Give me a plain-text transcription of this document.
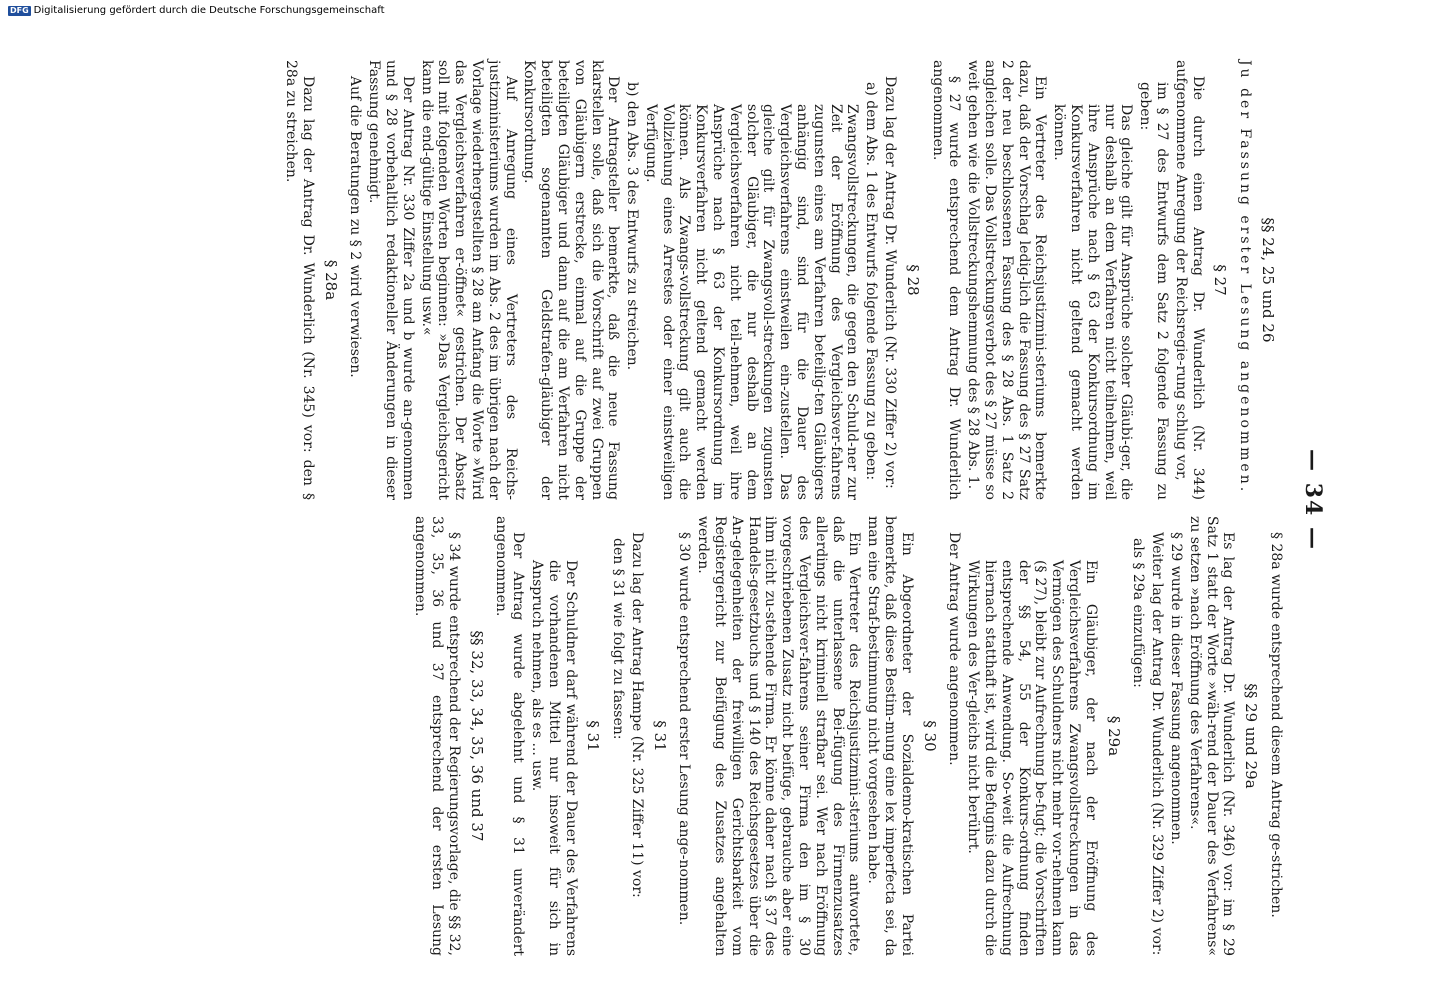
— 34 —
§§ 24, 25 und 26

Ju der Fassung erster Lesung angenommen.

§ 27

Die durch einen Antrag Dr. Wunderlich (Nr. 344) aufgenommene Anregung der Reichsregie-rung schlug vor,

im § 27 des Entwurfs dem Satz 2 folgende Fassung zu geben:

Das gleiche gilt für Ansprüche solcher Gläubi-ger, die nur deshalb an dem Verfahren nicht teilnehmen, weil ihre Ansprüche nach § 63 der Konkursordnung im Konkursverfahren nicht geltend gemacht werden können.

Ein Vertreter des Reichsjustizmini-steriums bemerkte dazu, daß der Vorschlag ledig-lich die Fassung des § 27 Satz 2 der neu beschlossenen Fassung des § 28 Abs. 1 Satz 2 angleichen solle. Das Vollstreckungsverbot des § 27 müsse so weit gehen wie die Vollstreckungshemmung des § 28 Abs. 1.

§ 27 wurde entsprechend dem Antrag Dr. Wunderlich angenommen.

§ 28

Dazu lag der Antrag Dr. Wunderlich (Nr. 330 Ziffer 2) vor:

a) dem Abs. 1 des Entwurfs folgende Fassung zu geben:

Zwangsvollstreckungen, die gegen den Schuld-ner zur Zeit der Eröffnung des Vergleichsver-fahrens zugunsten eines am Verfahren beteilig-ten Gläubigers anhängig sind, sind für die Dauer des Vergleichsverfahrens einstweilen ein-zustellen. Das gleiche gilt für Zwangsvoll-streckungen zugunsten solcher Gläubiger, die nur deshalb an dem Vergleichsverfahren nicht teil-nehmen, weil ihre Ansprüche nach § 63 der Konkursordnung im Konkursverfahren nicht geltend gemacht werden können. Als Zwangs-vollstreckung gilt auch die Vollziehung eines Arrestes oder einer einstweiligen Verfügung.

b) den Abs. 3 des Entwurfs zu streichen.

Der Antragsteller bemerkte, daß die neue Fassung klarstellen solle, daß sich die Vorschrift auf zwei Gruppen von Gläubigern erstrecke, einmal auf die Gruppe der beteiligten Gläubiger und dann auf die am Verfahren nicht beteiligten sogenannten Geldstrafen-gläubiger der Konkursordnung.

Auf Anregung eines Vertreters des Reichs-justizministeriums wurden im Abs. 2 des im übrigen nach der Vorlage wiederhergestellten § 28 am Anfang die Worte »Wird das Vergleichsverfahren er-öffnet« gestrichen. Der Absatz soll mit folgenden Worten beginnen: »Das Vergleichsgericht kann die end-gültige Einstellung usw.«

Der Antrag Nr. 330 Ziffer 2a und b wurde an-genommen und § 28 vorbehaltlich redaktioneller Änderungen in dieser Fassung genehmigt.

Auf die Beratungen zu § 2 wird verwiesen.

§ 28a

Dazu lag der Antrag Dr. Wunderlich (Nr. 345) vor: den § 28a zu streichen.

§ 28a wurde entsprechend diesem Antrag ge-strichen.

§§ 29 und 29a

Es lag der Antrag Dr. Wunderlich (Nr. 346) vor: im § 29 Satz 1 statt der Worte »wäh-rend der Dauer des Verfahrens« zu setzen »nach Eröffnung des Verfahrens«.

§ 29 wurde in dieser Fassung angenommen.

Weiter lag der Antrag Dr. Wunderlich (Nr. 329 Ziffer 2) vor:

als § 29a einzufügen:

§ 29a

Ein Gläubiger, der nach der Eröffnung des Vergleichsverfahrens Zwangsvollstreckungen in das Vermögen des Schuldners nicht mehr vor-nehmen kann (§ 27), bleibt zur Aufrechnung be-fugt; die Vorschriften der §§ 54, 55 der Konkurs-ordnung finden entsprechende Anwendung. So-weit die Aufrechnung hiernach statthaft ist, wird die Befugnis dazu durch die Wirkungen des Ver-gleichs nicht berührt.

Der Antrag wurde angenommen.

§ 30

Ein Abgeordneter der Sozialdemo-kratischen Partei bemerkte, daß diese Bestim-mung eine lex imperfecta sei, da man eine Straf-bestimmung nicht vorgesehen habe.

Ein Vertreter des Reichsjustizmini-steriums antwortete, daß die unterlassene Bei-fügung des Firmenzusatzes allerdings nicht kriminell strafbar sei. Wer nach Eröffnung des Vergleichsver-fahrens seiner Firma den im § 30 vorgeschriebenen Zusatz nicht beifüge, gebrauche aber eine ihm nicht zu-stehende Firma. Er könne daher nach § 37 des Handels-gesetzbuchs und § 140 des Reichsgesetzes über die An-gelegenheiten der freiwilligen Gerichtsbarkeit vom Registergericht zur Beifügung des Zusatzes angehalten werden.

§ 30 wurde entsprechend erster Lesung ange-nommen.

§ 31

Dazu lag der Antrag Hampe (Nr. 325 Ziffer 11) vor:

den § 31 wie folgt zu fassen:

§ 31

Der Schuldner darf während der Dauer des Verfahrens die vorhandenen Mittel nur insoweit für sich in Anspruch nehmen, als es ... usw.

Der Antrag wurde abgelehnt und § 31 unverändert angenommen.

§§ 32, 33, 34, 35, 36 und 37

§ 34 wurde entsprechend der Regierungsvorlage, die §§ 32, 33, 35, 36 und 37 entsprechend der ersten Lesung angenommen.

DFG Digitalisierung gefördert durch die Deutsche Forschungsgemeinschaft
